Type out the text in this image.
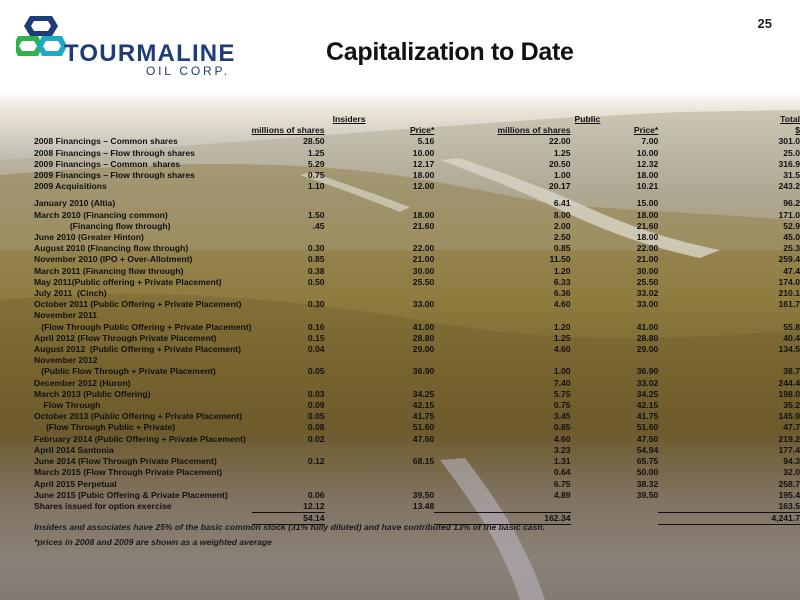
TOURMALINE
OIL CORP.
25
Capitalization to Date
		Insiders		Public	Total
	millions of shares	Price*	millions of shares	Price*	$
2008 Financings – Common shares	28.50	5.16	22.00	7.00	301.0
2008 Financings – Flow through shares	1.25	10.00	1.25	10.00	25.0
2009 Financings – Common  shares	5.29	12.17	20.50	12.32	316.9
2009 Financings – Flow through shares	0.75	18.00	1.00	18.00	31.5
2009 Acquisitions	1.10	12.00	20.17	10.21	243.2

January 2010 (Altia)			6.41	15.00	96.2
March 2010 (Financing common)	1.50	18.00	8.00	18.00	171.0
(Financing flow through)	.45	21.60	2.00	21.60	52.9
June 2010 (Greater Hinton)			2.50	18.00	45.0
August 2010 (Financing flow through)	0.30	22.00	0.85	22.00	25.3
November 2010 (IPO + Over-Allotment)	0.85	21.00	11.50	21.00	259.4
March 2011 (Financing flow through)	0.38	30.00	1.20	30.00	47.4
May 2011(Public offering + Private Placement)	0.50	25.50	6.33	25.50	174.0
July 2011  (Cinch)			6.36	33.02	210.1
October 2011 (Public Offering + Private Placement)	0.30	33.00	4.60	33.00	161.7
November 2011					
(Flow Through Public Offering + Private Placement)	0.16	41.00	1.20	41.00	55.8
April 2012 (Flow Through Private Placement)	0.15	28.80	1.25	28.80	40.4
August 2012  (Public Offering + Private Placement)	0.04	29.00	4.60	29.00	134.5
November 2012					
(Public Flow Through + Private Placement)	0.05	36.90	1.00	36.90	38.7
December 2012 (Huron)			7.40	33.02	244.4
March 2013 (Public Offering)	0.03	34.25	5.75	34.25	198.0
Flow Through	0.09	42.15	0.75	42.15	35.2
October 2013 (Public Offering + Private Placement)	0.05	41.75	3.45	41.75	145.9
(Flow Through Public + Private)	0.08	51.60	0.85	51.60	47.7
February 2014 (Public Offering + Private Placement)	0.02	47.50	4.60	47.50	219.2
April 2014 Santonia			3.23	54.94	177.4
June 2014 (Flow Through Private Placement)	0.12	68.15	1.31	65.75	94.3
March 2015 (Flow Through Private Placement)			0.64	50.00	32.0
April 2015 Perpetual			6.75	38.32	258.7
June 2015 (Pubic Offering & Private Placement)	0.06	39.50	4.89	39.50	195.4
Shares issued for option exercise	12.12	13.48			163.5
	54.14		162.34		4,241.7
Insiders and associates have 25% of the basic common stock (31% fully diluted) and have contributed 13% of the basic cash.
*prices in 2008 and 2009 are shown as a weighted average
